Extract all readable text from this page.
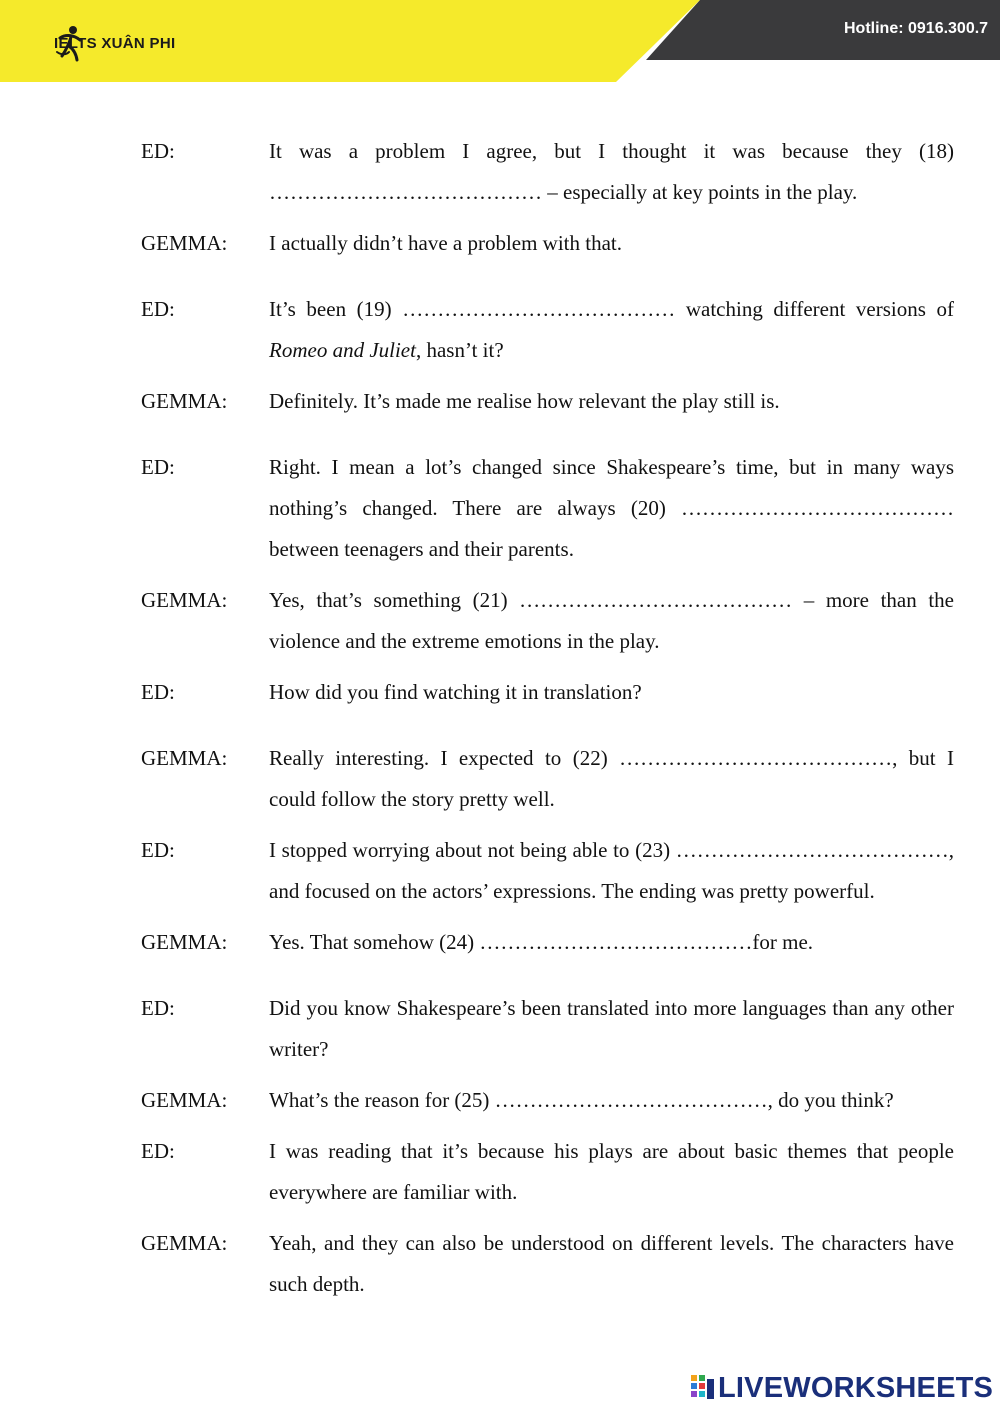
IELTS XUÂN PHI
Hotline: 0916.300.7
ED:	It was a problem I agree, but I thought it was because they (18) ………………………………… – especially at key points in the play.
GEMMA:	I actually didn’t have a problem with that.
ED:	It’s been (19) ………………………………… watching different versions of Romeo and Juliet, hasn’t it?
GEMMA:	Definitely. It’s made me realise how relevant the play still is.
ED:	Right. I mean a lot’s changed since Shakespeare’s time, but in many ways nothing’s changed. There are always (20) ………………………………… between teenagers and their parents.
GEMMA:	Yes, that’s something (21) ………………………………… – more than the violence and the extreme emotions in the play.
ED:	How did you find watching it in translation?
GEMMA:	Really interesting. I expected to (22) …………………………………, but I could follow the story pretty well.
ED:	I stopped worrying about not being able to (23) …………………………………, and focused on the actors’ expressions. The ending was pretty powerful.
GEMMA:	Yes. That somehow (24) …………………………………for me.
ED:	Did you know Shakespeare’s been translated into more languages than any other writer?
GEMMA:	What’s the reason for (25) …………………………………, do you think?
ED:	I was reading that it’s because his plays are about basic themes that people everywhere are familiar with.
GEMMA:	Yeah, and they can also be understood on different levels. The characters have such depth.
LIVEWORKSHEETS
